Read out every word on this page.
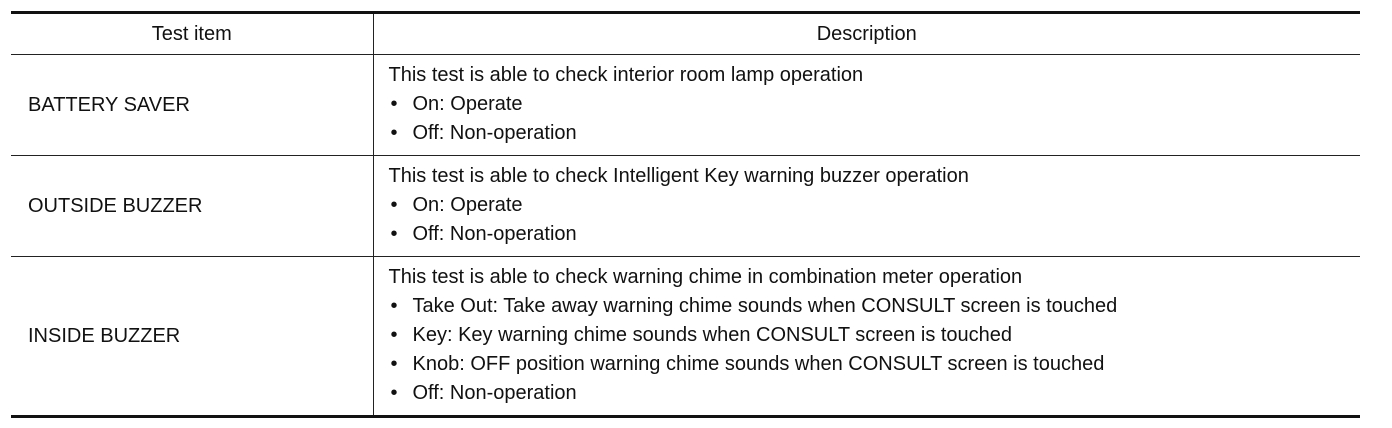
Test item	Description
BATTERY SAVER	This test is able to check interior room lamp operation
• On: Operate
• Off: Non-operation

OUTSIDE BUZZER	This test is able to check Intelligent Key warning buzzer operation
• On: Operate
• Off: Non-operation

INSIDE BUZZER	This test is able to check warning chime in combination meter operation
• Take Out: Take away warning chime sounds when CONSULT screen is touched
• Key: Key warning chime sounds when CONSULT screen is touched
• Knob: OFF position warning chime sounds when CONSULT screen is touched
• Off: Non-operation
